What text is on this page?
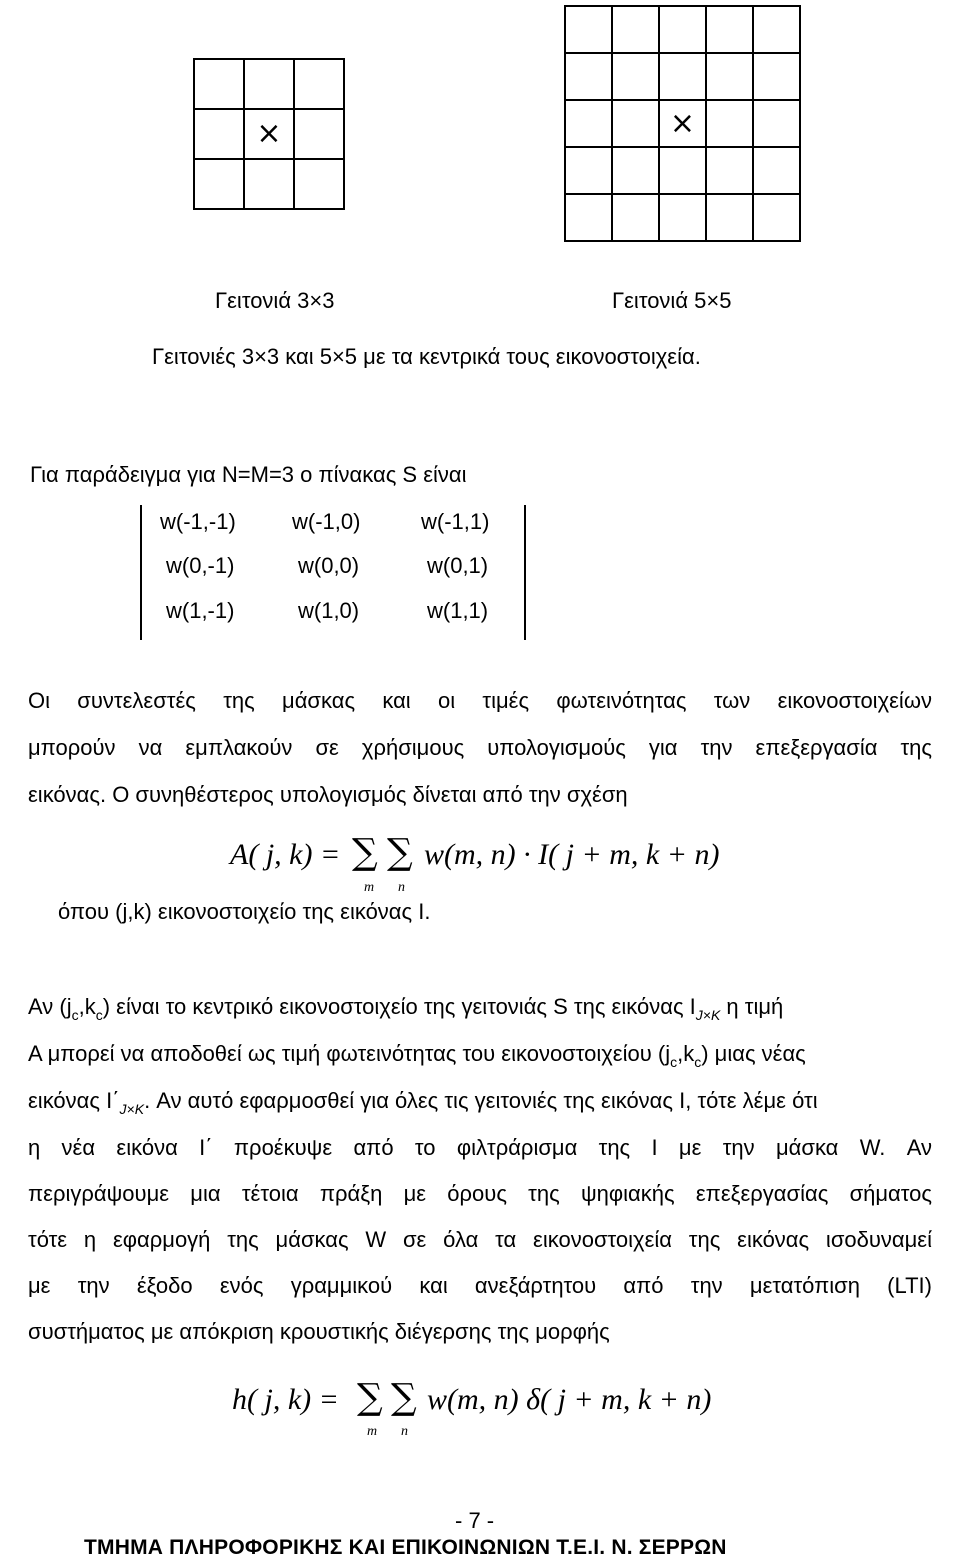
	×	

			×		

Γειτονιά 3×3	Γειτονιά 5×5
Γειτονιές 3×3 και 5×5 με τα κεντρικά τους εικονοστοιχεία.
Για παράδειγμα για N=M=3 ο πίνακας S είναι
w(-1,-1)	w(-1,0)	w(-1,1)
w(0,-1)	w(0,0)	w(0,1)
w(1,-1)	w(1,0)	w(1,1)
Οι συντελεστές της μάσκας και οι τιμές φωτεινότητας των εικονοστοιχείων
μπορούν να εμπλακούν σε χρήσιμους υπολογισμούς για την επεξεργασία της
εικόνας. Ο συνηθέστερος υπολογισμός δίνεται από την σχέση
A( j, k) = ∑ ∑
m n
w(m, n) · I( j + m, k + n)
όπου (j,k) εικονοστοιχείο της εικόνας I.
Αν $(j_c,k_c)$ είναι το κεντρικό εικονοστοιχείο της γειτονιάς S της εικόνας $I_{J\times K}$ η τιμή
A μπορεί να αποδοθεί ως τιμή φωτεινότητας του εικονοστοιχείου $(j_c,k_c)$ μιας νέας
εικόνας $I΄_{J\times K}$. Αν αυτό εφαρμοσθεί για όλες τις γειτονιές της εικόνας I, τότε λέμε ότι
η νέα εικόνα I΄ προέκυψε από το φιλτράρισμα της I με την μάσκα W. Αν
περιγράψουμε μια τέτοια πράξη με όρους της ψηφιακής επεξεργασίας σήματος
τότε η εφαρμογή της μάσκας W σε όλα τα εικονοστοιχεία της εικόνας ισοδυναμεί
με την έξοδο ενός γραμμικού και ανεξάρτητου από την μετατόπιση (LTI)
συστήματος με απόκριση κρουστικής διέγερσης της μορφής
h( j, k) = ∑ ∑
m n
w(m, n) δ( j + m, k + n)
- 7 -
ΤΜΗΜΑ ΠΛΗΡΟΦΟΡΙΚΗΣ ΚΑΙ ΕΠΙΚΟΙΝΩΝΙΩΝ Τ.Ε.Ι. Ν. ΣΕΡΡΩΝ
